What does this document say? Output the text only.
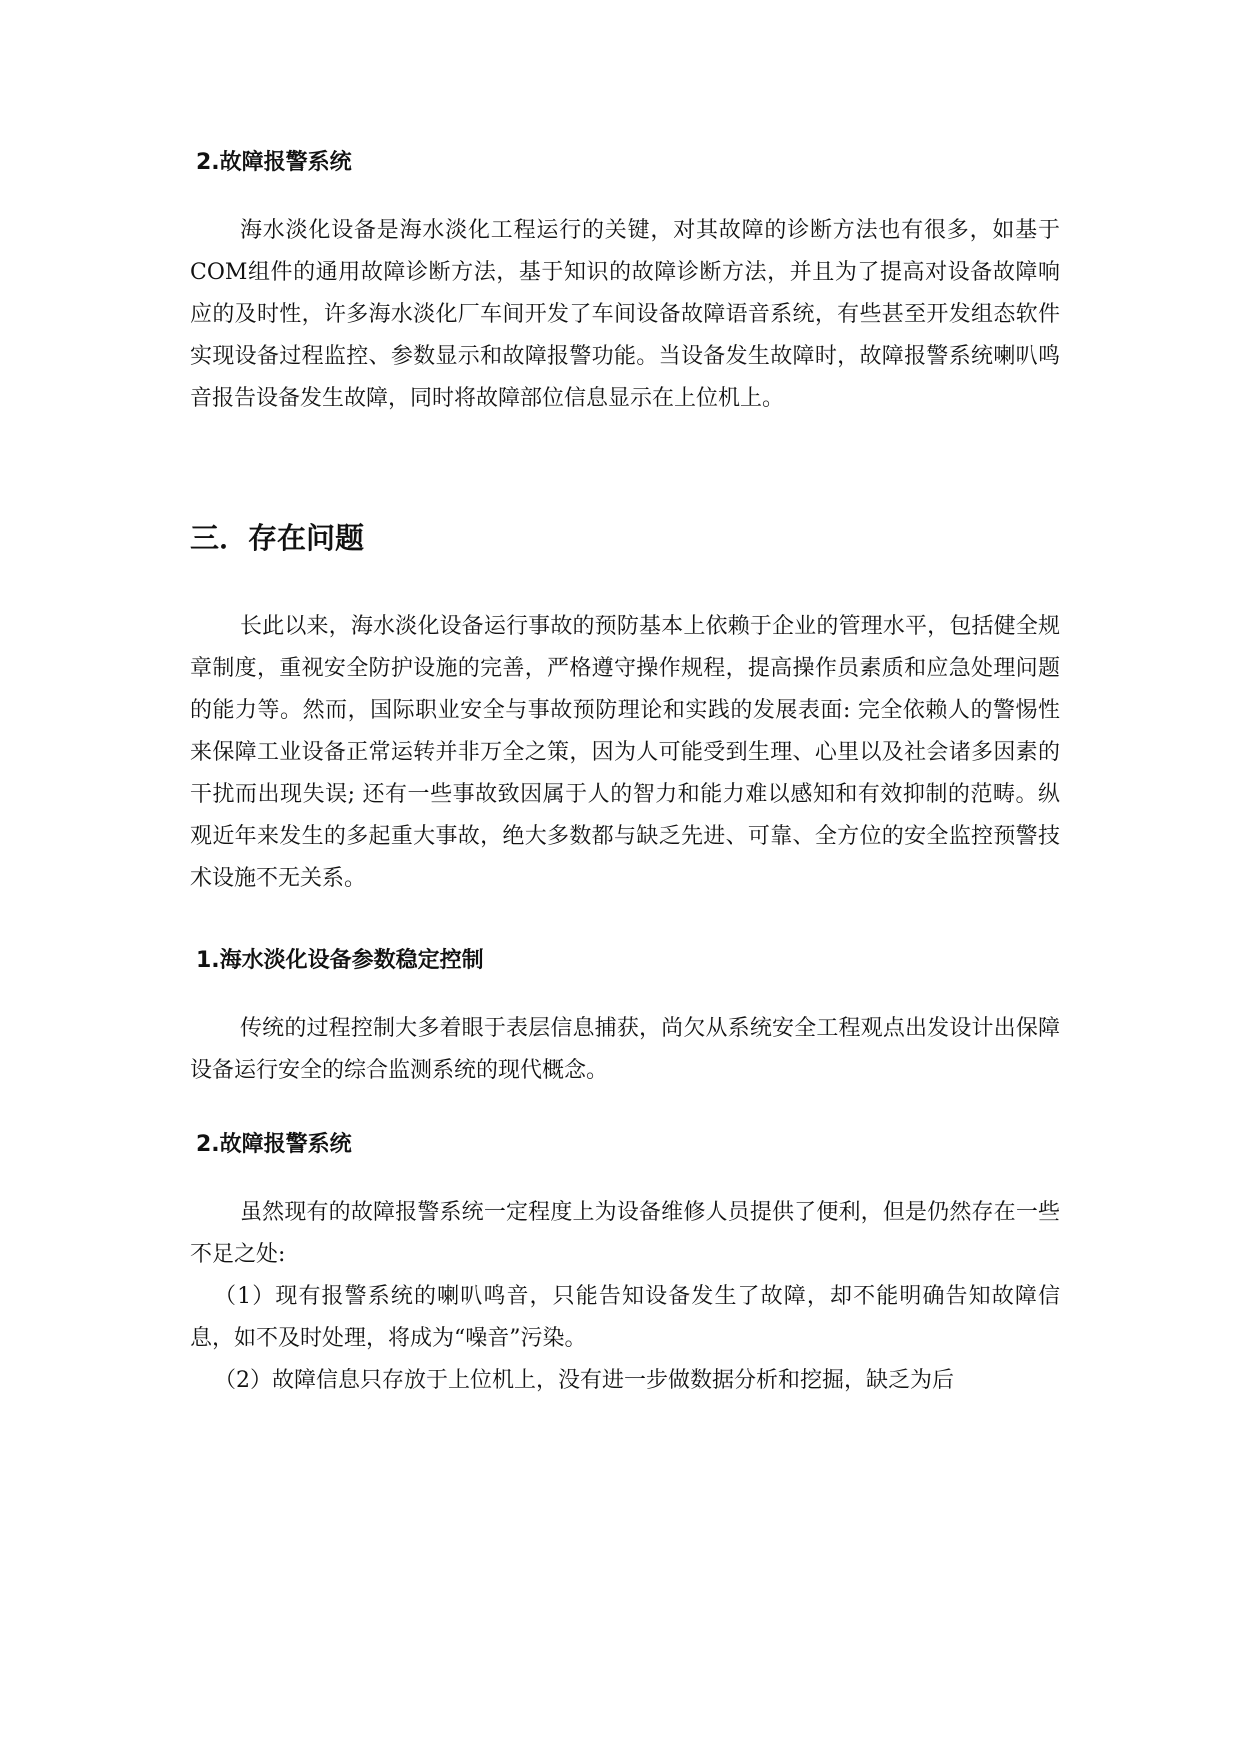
2.故障报警系统

海水淡化设备是海水淡化工程运行的关键，对其故障的诊断方法也有很多，如基于COM组件的通用故障诊断方法，基于知识的故障诊断方法，并且为了提高对设备故障响应的及时性，许多海水淡化厂车间开发了车间设备故障语音系统，有些甚至开发组态软件实现设备过程监控、参数显示和故障报警功能。当设备发生故障时，故障报警系统喇叭鸣音报告设备发生故障，同时将故障部位信息显示在上位机上。

三．存在问题

长此以来，海水淡化设备运行事故的预防基本上依赖于企业的管理水平，包括健全规章制度，重视安全防护设施的完善，严格遵守操作规程，提高操作员素质和应急处理问题的能力等。然而，国际职业安全与事故预防理论和实践的发展表面: 完全依赖人的警惕性来保障工业设备正常运转并非万全之策，因为人可能受到生理、心里以及社会诸多因素的干扰而出现失误; 还有一些事故致因属于人的智力和能力难以感知和有效抑制的范畴。纵观近年来发生的多起重大事故，绝大多数都与缺乏先进、可靠、全方位的安全监控预警技术设施不无关系。

1.海水淡化设备参数稳定控制

传统的过程控制大多着眼于表层信息捕获，尚欠从系统安全工程观点出发设计出保障设备运行安全的综合监测系统的现代概念。

2.故障报警系统

虽然现有的故障报警系统一定程度上为设备维修人员提供了便利，但是仍然存在一些不足之处:

（1）现有报警系统的喇叭鸣音，只能告知设备发生了故障，却不能明确告知故障信息，如不及时处理，将成为“噪音”污染。

（2）故障信息只存放于上位机上，没有进一步做数据分析和挖掘，缺乏为后
